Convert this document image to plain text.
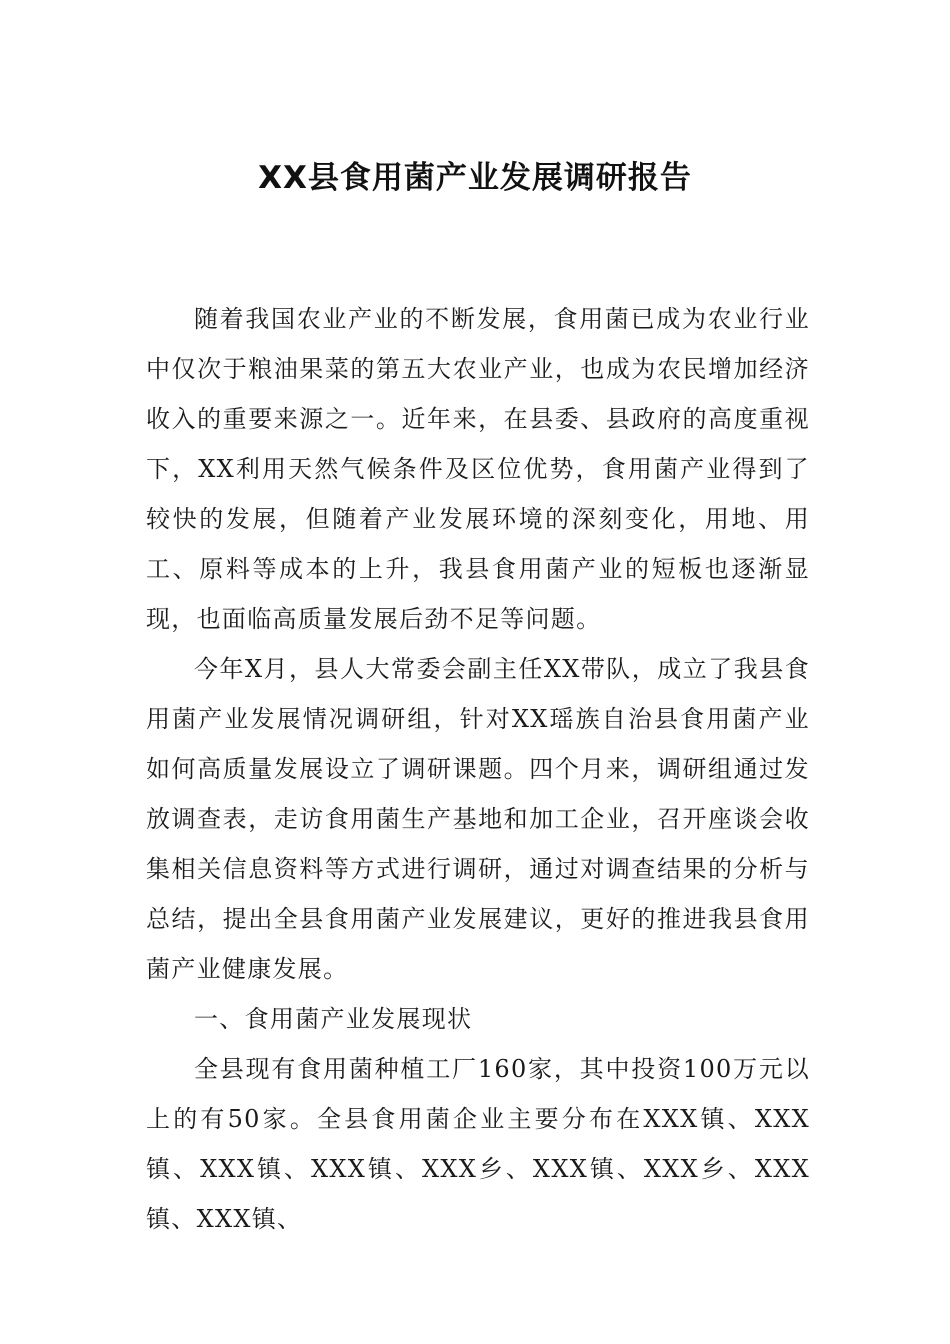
XX县食用菌产业发展调研报告

随着我国农业产业的不断发展，食用菌已成为农业行业中仅次于粮油果菜的第五大农业产业，也成为农民增加经济收入的重要来源之一。近年来，在县委、县政府的高度重视下，XX利用天然气候条件及区位优势，食用菌产业得到了较快的发展，但随着产业发展环境的深刻变化，用地、用工、原料等成本的上升，我县食用菌产业的短板也逐渐显现，也面临高质量发展后劲不足等问题。

今年X月，县人大常委会副主任XX带队，成立了我县食用菌产业发展情况调研组，针对XX瑶族自治县食用菌产业如何高质量发展设立了调研课题。四个月来，调研组通过发放调查表，走访食用菌生产基地和加工企业，召开座谈会收集相关信息资料等方式进行调研，通过对调查结果的分析与总结，提出全县食用菌产业发展建议，更好的推进我县食用菌产业健康发展。

一、食用菌产业发展现状

全县现有食用菌种植工厂160家，其中投资100万元以上的有50家。全县食用菌企业主要分布在XXX镇、XXX镇、XXX镇、XXX镇、XXX乡、XXX镇、XXX乡、XXX镇、XXX镇、
